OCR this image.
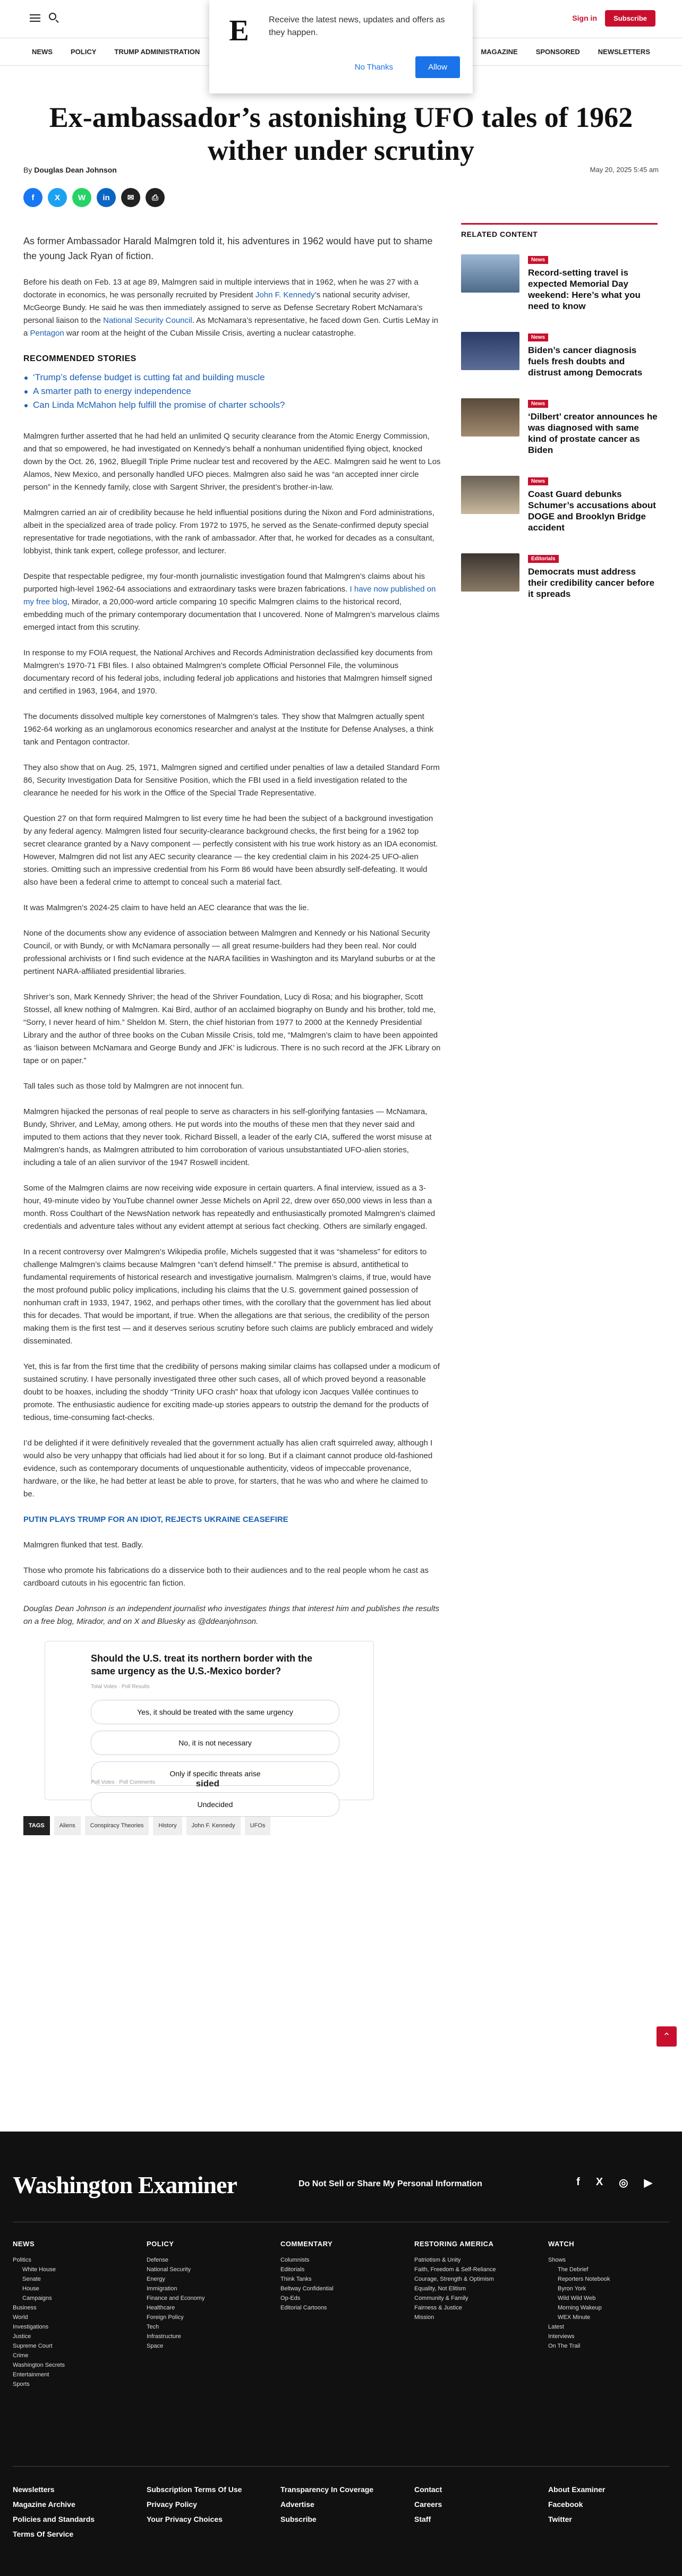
Sign in	Subscribe
NEWS	POLICY	TRUMP ADMINISTRATION	MAGAZINE	SPONSORED	NEWSLETTERS
E	Receive the latest news, updates and offers as they happen.
No Thanks	Allow
Ex-ambassador’s astonishing UFO tales of 1962 wither under scrutiny
By Douglas Dean Johnson	May 20, 2025 5:45 am
f	X	W	in	✉	⎙

As former Ambassador Harald Malmgren told it, his adventures in 1962 would have put to shame the young Jack Ryan of fiction.

Before his death on Feb. 13 at age 89, Malmgren said in multiple interviews that in 1962, when he was 27 with a doctorate in economics, he was personally recruited by President John F. Kennedy’s national security adviser, McGeorge Bundy. He said he was then immediately assigned to serve as Defense Secretary Robert McNamara’s personal liaison to the National Security Council. As McNamara’s representative, he faced down Gen. Curtis LeMay in a Pentagon war room at the height of the Cuban Missile Crisis, averting a nuclear catastrophe.

RECOMMENDED STORIES
‘Trump’s defense budget is cutting fat and building muscle
A smarter path to energy independence
Can Linda McMahon help fulfill the promise of charter schools?

Malmgren further asserted that he had held an unlimited Q security clearance from the Atomic Energy Commission, and that so empowered, he had investigated on Kennedy’s behalf a nonhuman unidentified flying object, knocked down by the Oct. 26, 1962, Bluegill Triple Prime nuclear test and recovered by the AEC. Malmgren said he went to Los Alamos, New Mexico, and personally handled UFO pieces. Malmgren also said he was “an accepted inner circle person” in the Kennedy family, close with Sargent Shriver, the president’s brother-in-law.

Malmgren carried an air of credibility because he held influential positions during the Nixon and Ford administrations, albeit in the specialized area of trade policy. From 1972 to 1975, he served as the Senate-confirmed deputy special representative for trade negotiations, with the rank of ambassador. After that, he worked for decades as a consultant, lobbyist, think tank expert, college professor, and lecturer.

Despite that respectable pedigree, my four-month journalistic investigation found that Malmgren’s claims about his purported high-level 1962-64 associations and extraordinary tasks were brazen fabrications. I have now published on my free blog, Mirador, a 20,000-word article comparing 10 specific Malmgren claims to the historical record, embedding much of the primary contemporary documentation that I uncovered. None of Malmgren’s marvelous claims emerged intact from this scrutiny.

In response to my FOIA request, the National Archives and Records Administration declassified key documents from Malmgren’s 1970-71 FBI files. I also obtained Malmgren’s complete Official Personnel File, the voluminous documentary record of his federal jobs, including federal job applications and histories that Malmgren himself signed and certified in 1963, 1964, and 1970.

The documents dissolved multiple key cornerstones of Malmgren’s tales. They show that Malmgren actually spent 1962-64 working as an unglamorous economics researcher and analyst at the Institute for Defense Analyses, a think tank and Pentagon contractor.

They also show that on Aug. 25, 1971, Malmgren signed and certified under penalties of law a detailed Standard Form 86, Security Investigation Data for Sensitive Position, which the FBI used in a field investigation related to the clearance he needed for his work in the Office of the Special Trade Representative.

Question 27 on that form required Malmgren to list every time he had been the subject of a background investigation by any federal agency. Malmgren listed four security-clearance background checks, the first being for a 1962 top secret clearance granted by a Navy component — perfectly consistent with his true work history as an IDA economist. However, Malmgren did not list any AEC security clearance — the key credential claim in his 2024-25 UFO-alien stories. Omitting such an impressive credential from his Form 86 would have been absurdly self-defeating. It would also have been a federal crime to attempt to conceal such a material fact.

It was Malmgren’s 2024-25 claim to have held an AEC clearance that was the lie.

None of the documents show any evidence of association between Malmgren and Kennedy or his National Security Council, or with Bundy, or with McNamara personally — all great resume-builders had they been real. Nor could professional archivists or I find such evidence at the NARA facilities in Washington and its Maryland suburbs or at the pertinent NARA-affiliated presidential libraries.

Shriver’s son, Mark Kennedy Shriver; the head of the Shriver Foundation, Lucy di Rosa; and his biographer, Scott Stossel, all knew nothing of Malmgren. Kai Bird, author of an acclaimed biography on Bundy and his brother, told me, “Sorry, I never heard of him.” Sheldon M. Stern, the chief historian from 1977 to 2000 at the Kennedy Presidential Library and the author of three books on the Cuban Missile Crisis, told me, “Malmgren’s claim to have been appointed as ‘liaison between McNamara and George Bundy and JFK’ is ludicrous. There is no such record at the JFK Library on tape or on paper.”

Tall tales such as those told by Malmgren are not innocent fun.

Malmgren hijacked the personas of real people to serve as characters in his self-glorifying fantasies — McNamara, Bundy, Shriver, and LeMay, among others. He put words into the mouths of these men that they never said and imputed to them actions that they never took. Richard Bissell, a leader of the early CIA, suffered the worst misuse at Malmgren’s hands, as Malmgren attributed to him corroboration of various unsubstantiated UFO-alien stories, including a tale of an alien survivor of the 1947 Roswell incident.

Some of the Malmgren claims are now receiving wide exposure in certain quarters. A final interview, issued as a 3-hour, 49-minute video by YouTube channel owner Jesse Michels on April 22, drew over 650,000 views in less than a month. Ross Coulthart of the NewsNation network has repeatedly and enthusiastically promoted Malmgren’s claimed credentials and adventure tales without any evident attempt at serious fact checking. Others are similarly engaged.

In a recent controversy over Malmgren’s Wikipedia profile, Michels suggested that it was “shameless” for editors to challenge Malmgren’s claims because Malmgren “can’t defend himself.” The premise is absurd, antithetical to fundamental requirements of historical research and investigative journalism. Malmgren’s claims, if true, would have the most profound public policy implications, including his claims that the U.S. government gained possession of nonhuman craft in 1933, 1947, 1962, and perhaps other times, with the corollary that the government has lied about this for decades. That would be important, if true. When the allegations are that serious, the credibility of the person making them is the first test — and it deserves serious scrutiny before such claims are publicly embraced and widely disseminated.

Yet, this is far from the first time that the credibility of persons making similar claims has collapsed under a modicum of sustained scrutiny. I have personally investigated three other such cases, all of which proved beyond a reasonable doubt to be hoaxes, including the shoddy “Trinity UFO crash” hoax that ufology icon Jacques Vallée continues to promote. The enthusiastic audience for exciting made-up stories appears to outstrip the demand for the products of tedious, time-consuming fact-checks.

I’d be delighted if it were definitively revealed that the government actually has alien craft squirreled away, although I would also be very unhappy that officials had lied about it for so long. But if a claimant cannot produce old-fashioned evidence, such as contemporary documents of unquestionable authenticity, videos of impeccable provenance, hardware, or the like, he had better at least be able to prove, for starters, that he was who and where he claimed to be.

PUTIN PLAYS TRUMP FOR AN IDIOT, REJECTS UKRAINE CEASEFIRE

Malmgren flunked that test. Badly.

Those who promote his fabrications do a disservice both to their audiences and to the real people whom he cast as cardboard cutouts in his egocentric fan fiction.

Douglas Dean Johnson is an independent journalist who investigates things that interest him and publishes the results on a free blog, Mirador, and on X and Bluesky as @ddeanjohnson.

Should the U.S. treat its northern border with the same urgency as the U.S.-Mexico border?
Total Votes · Poll Results
Yes, it should be treated with the same urgency
No, it is not necessary
Only if specific threats arise
Undecided
Poll Votes · Poll Comments	sided
TAGS	Aliens	Conspiracy Theories	History	John F. Kennedy	UFOs
RELATED CONTENT
News
Record-setting travel is expected Memorial Day weekend: Here’s what you need to know
News
Biden’s cancer diagnosis fuels fresh doubts and distrust among Democrats
News
‘Dilbert’ creator announces he was diagnosed with same kind of prostate cancer as Biden
News
Coast Guard debunks Schumer’s accusations about DOGE and Brooklyn Bridge accident
Editorials
Democrats must address their credibility cancer before it spreads
⌃
Washington Examiner	Do Not Sell or Share My Personal Information	f X ◎ ▶
NEWS
Politics
White House
Senate
House
Campaigns
Business
World
Investigations
Justice
Supreme Court
Crime
Washington Secrets
Entertainment
Sports
POLICY
Defense
National Security
Energy
Immigration
Finance and Economy
Healthcare
Foreign Policy
Tech
Infrastructure
Space
COMMENTARY
Columnists
Editorials
Think Tanks
Beltway Confidential
Op-Eds
Editorial Cartoons
RESTORING AMERICA
Patriotism & Unity
Faith, Freedom & Self-Reliance
Courage, Strength & Optimism
Equality, Not Elitism
Community & Family
Fairness & Justice
Mission
WATCH
Shows
The Debrief
Reporters Notebook
Byron York
Wild Wild Web
Morning Wakeup
WEX Minute
Latest
Interviews
On The Trail
Newsletters
Magazine Archive
Policies and Standards
Terms Of Service
Subscription Terms Of Use
Privacy Policy
Your Privacy Choices
Transparency In Coverage
Advertise
Subscribe
Contact
Careers
Staff
About Examiner
Facebook
Twitter
